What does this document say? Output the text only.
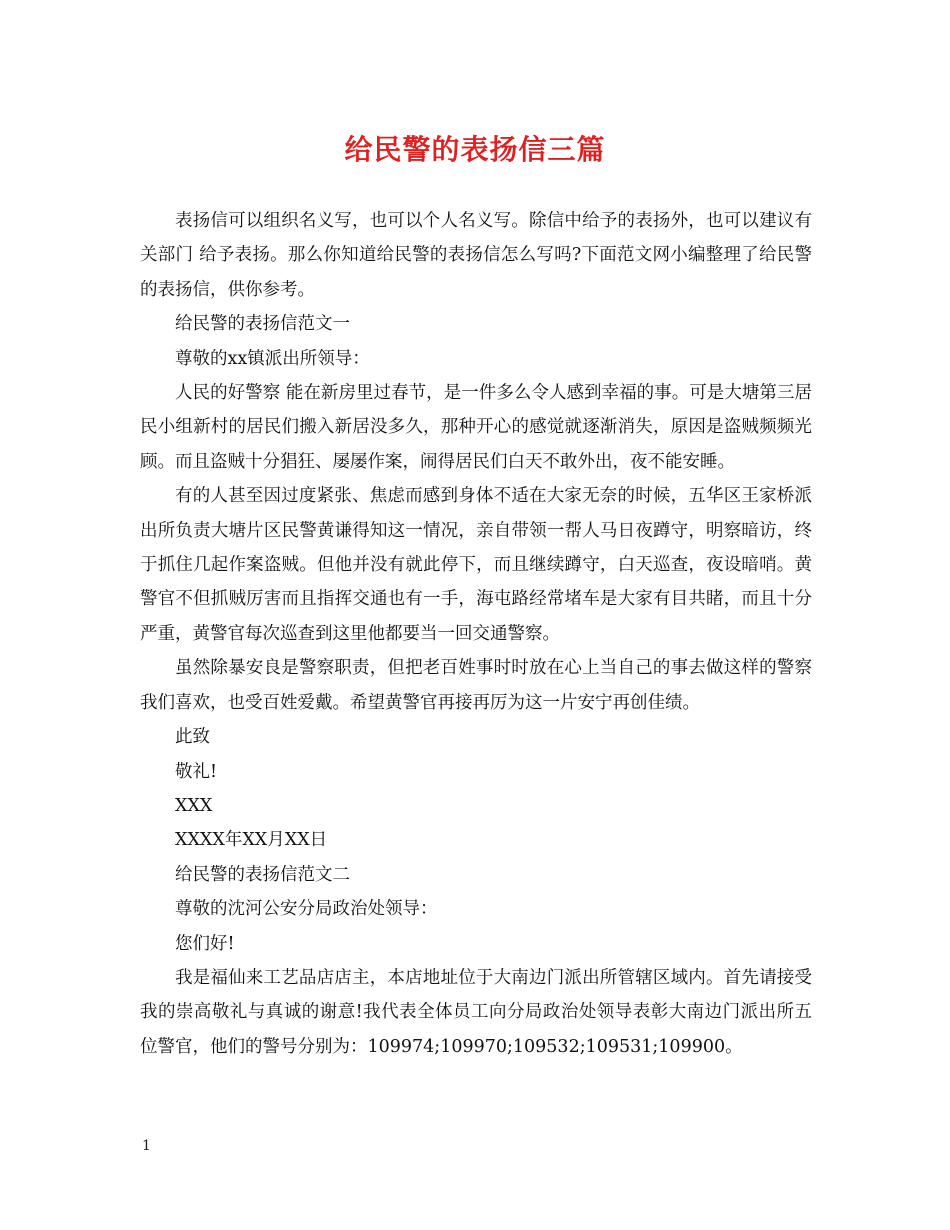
给民警的表扬信三篇

表扬信可以组织名义写，也可以个人名义写。除信中给予的表扬外，也可以建议有关部门 给予表扬。那么你知道给民警的表扬信怎么写吗?下面范文网小编整理了给民警的表扬信，供你参考。

给民警的表扬信范文一

尊敬的xx镇派出所领导：

人民的好警察 能在新房里过春节，是一件多么令人感到幸福的事。可是大塘第三居民小组新村的居民们搬入新居没多久，那种开心的感觉就逐渐消失，原因是盗贼频频光顾。而且盗贼十分猖狂、屡屡作案，闹得居民们白天不敢外出，夜不能安睡。

有的人甚至因过度紧张、焦虑而感到身体不适在大家无奈的时候，五华区王家桥派出所负责大塘片区民警黄谦得知这一情况，亲自带领一帮人马日夜蹲守，明察暗访，终于抓住几起作案盗贼。但他并没有就此停下，而且继续蹲守，白天巡查，夜设暗哨。黄警官不但抓贼厉害而且指挥交通也有一手，海屯路经常堵车是大家有目共睹，而且十分严重，黄警官每次巡查到这里他都要当一回交通警察。

虽然除暴安良是警察职责，但把老百姓事时时放在心上当自己的事去做这样的警察我们喜欢，也受百姓爱戴。希望黄警官再接再厉为这一片安宁再创佳绩。

此致

敬礼!

XXX

XXXX年XX月XX日

给民警的表扬信范文二

尊敬的沈河公安分局政治处领导：

您们好!

我是福仙来工艺品店店主，本店地址位于大南边门派出所管辖区域内。首先请接受我的崇高敬礼与真诚的谢意!我代表全体员工向分局政治处领导表彰大南边门派出所五位警官，他们的警号分别为：109974;109970;109532;109531;109900。

1
